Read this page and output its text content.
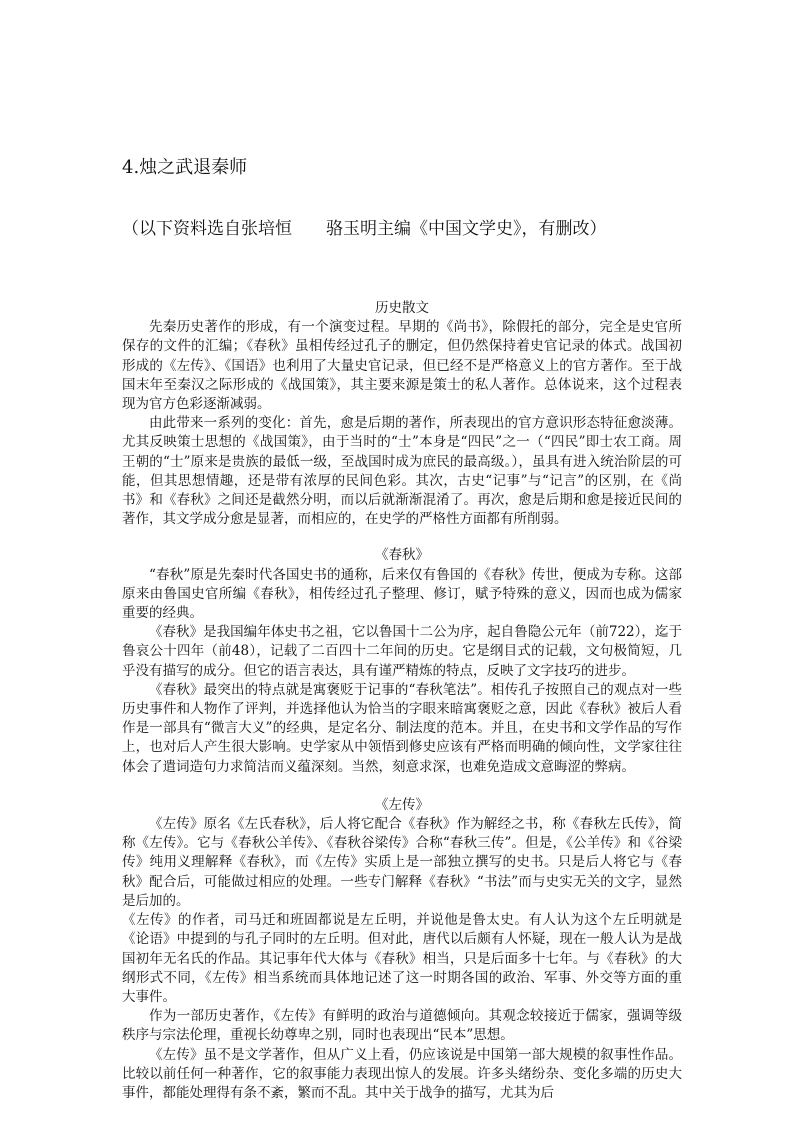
4.烛之武退秦师
（以下资料选自张培恒　　骆玉明主编《中国文学史》，有删改）

历史散文

先秦历史著作的形成，有一个演变过程。早期的《尚书》，除假托的部分，完全是史官所保存的文件的汇编；《春秋》虽相传经过孔子的删定，但仍然保持着史官记录的体式。战国初形成的《左传》、《国语》也利用了大量史官记录，但已经不是严格意义上的官方著作。至于战国末年至秦汉之际形成的《战国策》，其主要来源是策士的私人著作。总体说来，这个过程表现为官方色彩逐渐减弱。

由此带来一系列的变化：首先，愈是后期的著作，所表现出的官方意识形态特征愈淡薄。尤其反映策士思想的《战国策》，由于当时的“士”本身是“四民”之一（“四民”即士农工商。周王朝的“士”原来是贵族的最低一级，至战国时成为庶民的最高级。），虽具有进入统治阶层的可能，但其思想情趣，还是带有浓厚的民间色彩。其次，古史“记事”与“记言”的区别，在《尚书》和《春秋》之间还是截然分明，而以后就渐渐混淆了。再次，愈是后期和愈是接近民间的著作，其文学成分愈是显著，而相应的，在史学的严格性方面都有所削弱。

《春秋》

“春秋”原是先秦时代各国史书的通称，后来仅有鲁国的《春秋》传世，便成为专称。这部原来由鲁国史官所编《春秋》，相传经过孔子整理、修订，赋予特殊的意义，因而也成为儒家重要的经典。

《春秋》是我国编年体史书之祖，它以鲁国十二公为序，起自鲁隐公元年（前722），迄于鲁哀公十四年（前48），记载了二百四十二年间的历史。它是纲目式的记载，文句极简短，几乎没有描写的成分。但它的语言表达，具有谨严精炼的特点，反映了文字技巧的进步。

《春秋》最突出的特点就是寓褒贬于记事的“春秋笔法”。相传孔子按照自己的观点对一些历史事件和人物作了评判，并选择他认为恰当的字眼来暗寓褒贬之意，因此《春秋》被后人看作是一部具有“微言大义”的经典，是定名分、制法度的范本。并且，在史书和文学作品的写作上，也对后人产生很大影响。史学家从中领悟到修史应该有严格而明确的倾向性，文学家往往体会了遣词造句力求简洁而义蕴深刻。当然，刻意求深，也难免造成文意晦涩的弊病。

《左传》

《左传》原名《左氏春秋》，后人将它配合《春秋》作为解经之书，称《春秋左氏传》，简称《左传》。它与《春秋公羊传》、《春秋谷梁传》合称“春秋三传”。但是，《公羊传》和《谷梁传》纯用义理解释《春秋》，而《左传》实质上是一部独立撰写的史书。只是后人将它与《春秋》配合后，可能做过相应的处理。一些专门解释《春秋》“书法”而与史实无关的文字，显然是后加的。

《左传》的作者，司马迁和班固都说是左丘明，并说他是鲁太史。有人认为这个左丘明就是《论语》中提到的与孔子同时的左丘明。但对此，唐代以后颇有人怀疑，现在一般人认为是战国初年无名氏的作品。其记事年代大体与《春秋》相当，只是后面多十七年。与《春秋》的大纲形式不同，《左传》相当系统而具体地记述了这一时期各国的政治、军事、外交等方面的重大事件。

作为一部历史著作，《左传》有鲜明的政治与道德倾向。其观念较接近于儒家，强调等级秩序与宗法伦理，重视长幼尊卑之别，同时也表现出“民本”思想。

《左传》虽不是文学著作，但从广义上看，仍应该说是中国第一部大规模的叙事性作品。比较以前任何一种著作，它的叙事能力表现出惊人的发展。许多头绪纷杂、变化多端的历史大事件，都能处理得有条不紊，繁而不乱。其中关于战争的描写，尤其为后
